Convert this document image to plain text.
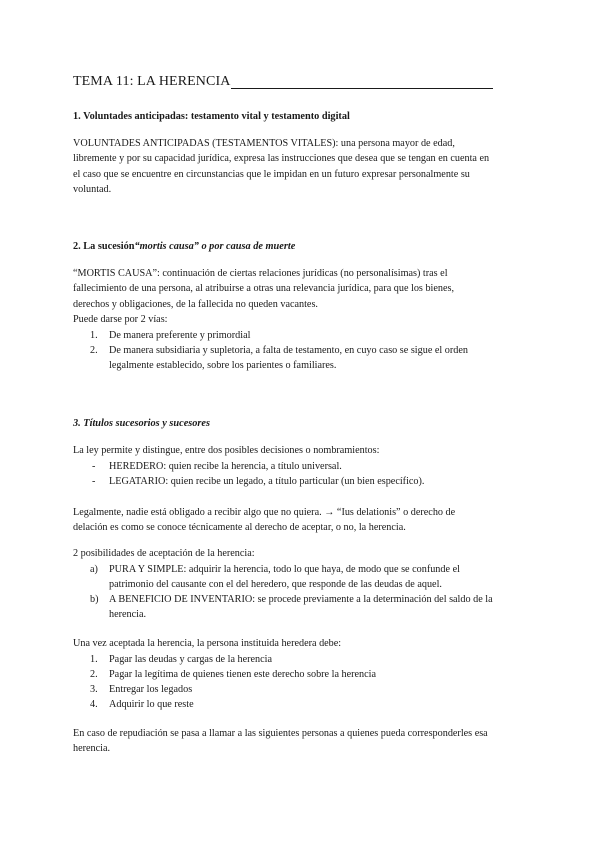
TEMA 11: LA HERENCIA
1. Voluntades anticipadas: testamento vital y testamento digital
VOLUNTADES ANTICIPADAS (TESTAMENTOS VITALES): una persona mayor de edad,
libremente y por su capacidad jurídica, expresa las instrucciones que desea que se tengan en cuenta en
el caso que se encuentre en circunstancias que le impidan en un futuro expresar personalmente su
voluntad.
2. La sucesión“mortis causa” o por causa de muerte
“MORTIS CAUSA”: continuación de ciertas relaciones jurídicas (no personalísimas) tras el
fallecimiento de una persona, al atribuirse a otras una relevancia jurídica, para que los bienes,
derechos y obligaciones, de la fallecida no queden vacantes.
Puede darse por 2 vías:
1. De manera preferente y primordial
2. De manera subsidiaria y supletoria, a falta de testamento, en cuyo caso se sigue el orden
legalmente establecido, sobre los parientes o familiares.
3. Títulos sucesorios y sucesores
La ley permite y distingue, entre dos posibles decisiones o nombramientos:
- HEREDERO: quien recibe la herencia, a título universal.
- LEGATARIO: quien recibe un legado, a título particular (un bien específico).
Legalmente, nadie está obligado a recibir algo que no quiera. → “Ius delationis” o derecho de
delación es como se conoce técnicamente al derecho de aceptar, o no, la herencia.
2 posibilidades de aceptación de la herencia:
a) PURA Y SIMPLE: adquirir la herencia, todo lo que haya, de modo que se confunde el
patrimonio del causante con el del heredero, que responde de las deudas de aquel.
b) A BENEFICIO DE INVENTARIO: se procede previamente a la determinación del saldo de la
herencia.
Una vez aceptada la herencia, la persona instituida heredera debe:
1. Pagar las deudas y cargas de la herencia
2. Pagar la legítima de quienes tienen este derecho sobre la herencia
3. Entregar los legados
4. Adquirir lo que reste
En caso de repudiación se pasa a llamar a las siguientes personas a quienes pueda corresponderles esa
herencia.
